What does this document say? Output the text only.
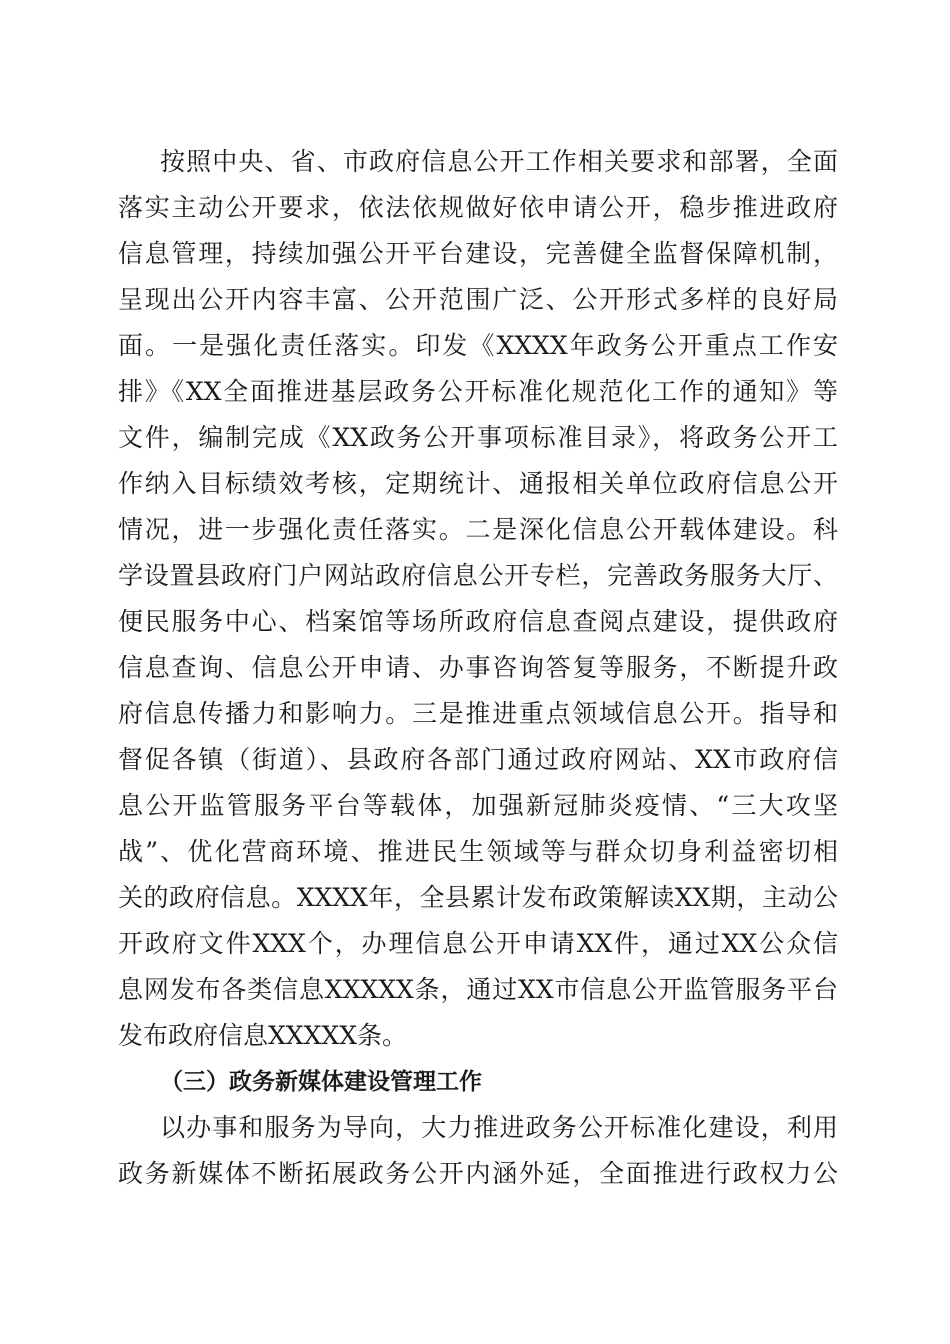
按照中央、省、市政府信息公开工作相关要求和部署，全面
落实主动公开要求，依法依规做好依申请公开，稳步推进政府
信息管理，持续加强公开平台建设，完善健全监督保障机制，
呈现出公开内容丰富、公开范围广泛、公开形式多样的良好局
面。一是强化责任落实。印发《XXXX年政务公开重点工作安
排》《XX全面推进基层政务公开标准化规范化工作的通知》等
文件，编制完成《XX政务公开事项标准目录》，将政务公开工
作纳入目标绩效考核，定期统计、通报相关单位政府信息公开
情况，进一步强化责任落实。二是深化信息公开载体建设。科
学设置县政府门户网站政府信息公开专栏，完善政务服务大厅、
便民服务中心、档案馆等场所政府信息查阅点建设，提供政府
信息查询、信息公开申请、办事咨询答复等服务，不断提升政
府信息传播力和影响力。三是推进重点领域信息公开。指导和
督促各镇（街道）、县政府各部门通过政府网站、XX市政府信
息公开监管服务平台等载体，加强新冠肺炎疫情、“三大攻坚
战”、优化营商环境、推进民生领域等与群众切身利益密切相
关的政府信息。XXXX年，全县累计发布政策解读XX期，主动公
开政府文件XXX个，办理信息公开申请XX件，通过XX公众信
息网发布各类信息XXXXX条，通过XX市信息公开监管服务平台
发布政府信息XXXXX条。
（三）政务新媒体建设管理工作
以办事和服务为导向，大力推进政务公开标准化建设，利用
政务新媒体不断拓展政务公开内涵外延，全面推进行政权力公
